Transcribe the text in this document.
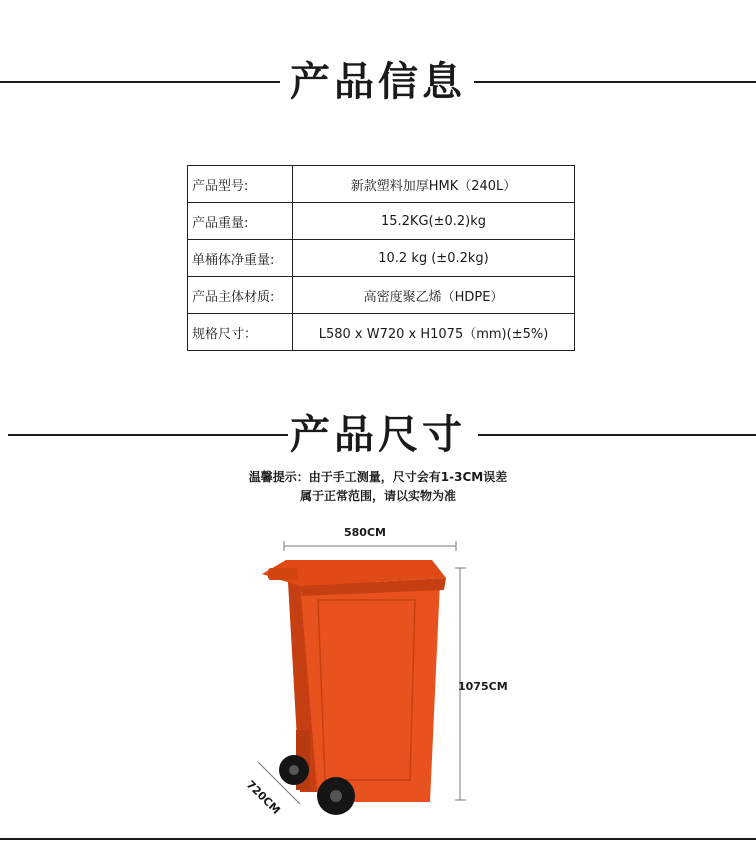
产品信息
产品型号:	新款塑料加厚HMK（240L）
产品重量:	15.2KG(±0.2)kg
单桶体净重量:	10.2 kg (±0.2kg)
产品主体材质:	高密度聚乙烯（HDPE）
规格尺寸：	L580 x W720 x H1075（mm)(±5%)
产品尺寸
温馨提示：由于手工测量，尺寸会有1-3CM误差
属于正常范围，请以实物为准
580CM
1075CM
720CM
